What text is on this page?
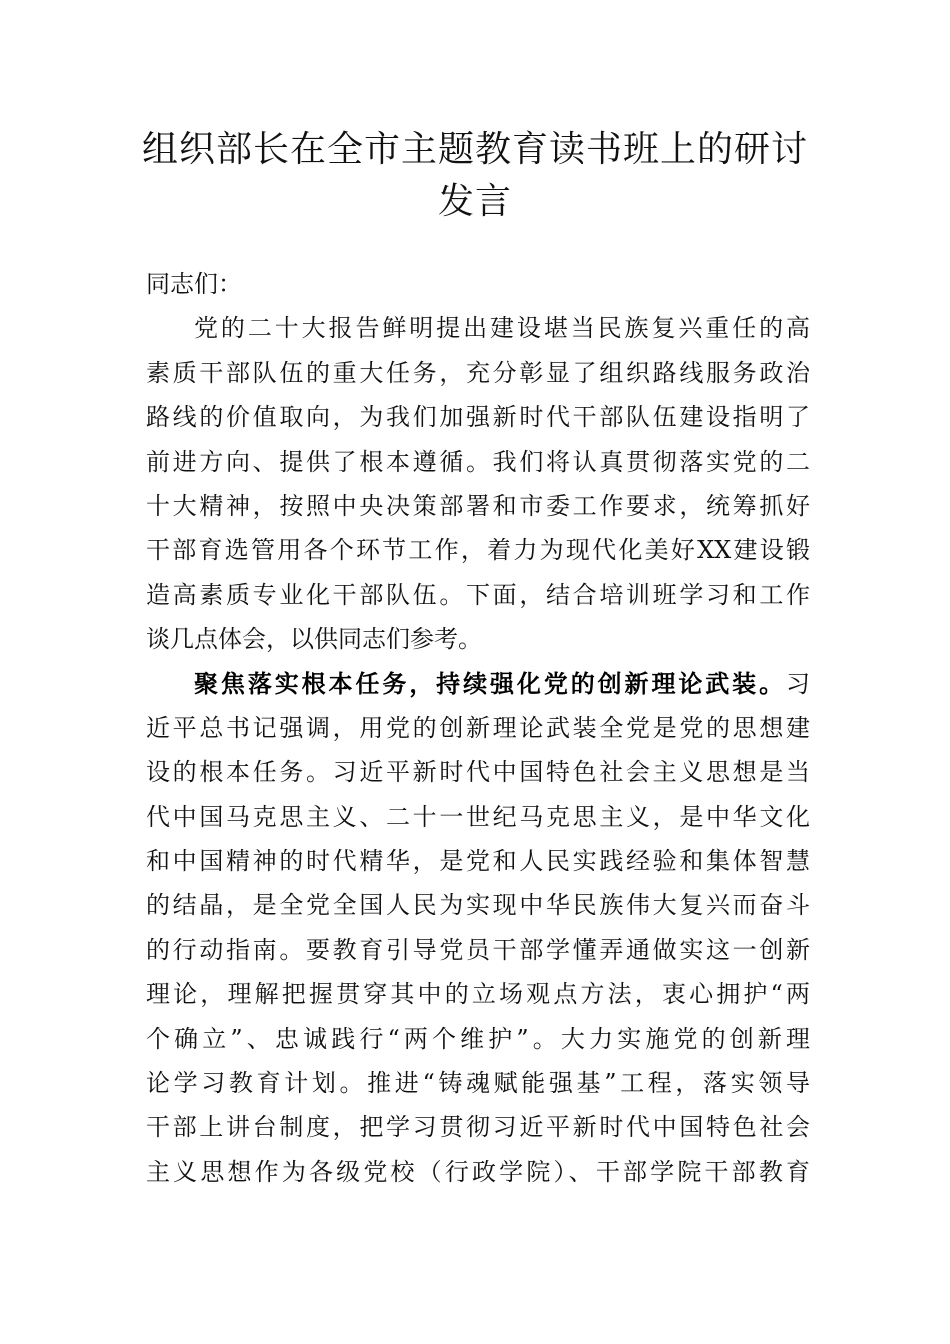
组织部长在全市主题教育读书班上的研讨
发言
同志们：
党的二十大报告鲜明提出建设堪当民族复兴重任的高
素质干部队伍的重大任务，充分彰显了组织路线服务政治
路线的价值取向，为我们加强新时代干部队伍建设指明了
前进方向、提供了根本遵循。我们将认真贯彻落实党的二
十大精神，按照中央决策部署和市委工作要求，统筹抓好
干部育选管用各个环节工作，着力为现代化美好XX建设锻
造高素质专业化干部队伍。下面，结合培训班学习和工作
谈几点体会，以供同志们参考。
聚焦落实根本任务，持续强化党的创新理论武装。习
近平总书记强调，用党的创新理论武装全党是党的思想建
设的根本任务。习近平新时代中国特色社会主义思想是当
代中国马克思主义、二十一世纪马克思主义，是中华文化
和中国精神的时代精华，是党和人民实践经验和集体智慧
的结晶，是全党全国人民为实现中华民族伟大复兴而奋斗
的行动指南。要教育引导党员干部学懂弄通做实这一创新
理论，理解把握贯穿其中的立场观点方法，衷心拥护“两
个确立”、忠诚践行“两个维护”。大力实施党的创新理
论学习教育计划。推进“铸魂赋能强基”工程，落实领导
干部上讲台制度，把学习贯彻习近平新时代中国特色社会
主义思想作为各级党校（行政学院）、干部学院干部教育
